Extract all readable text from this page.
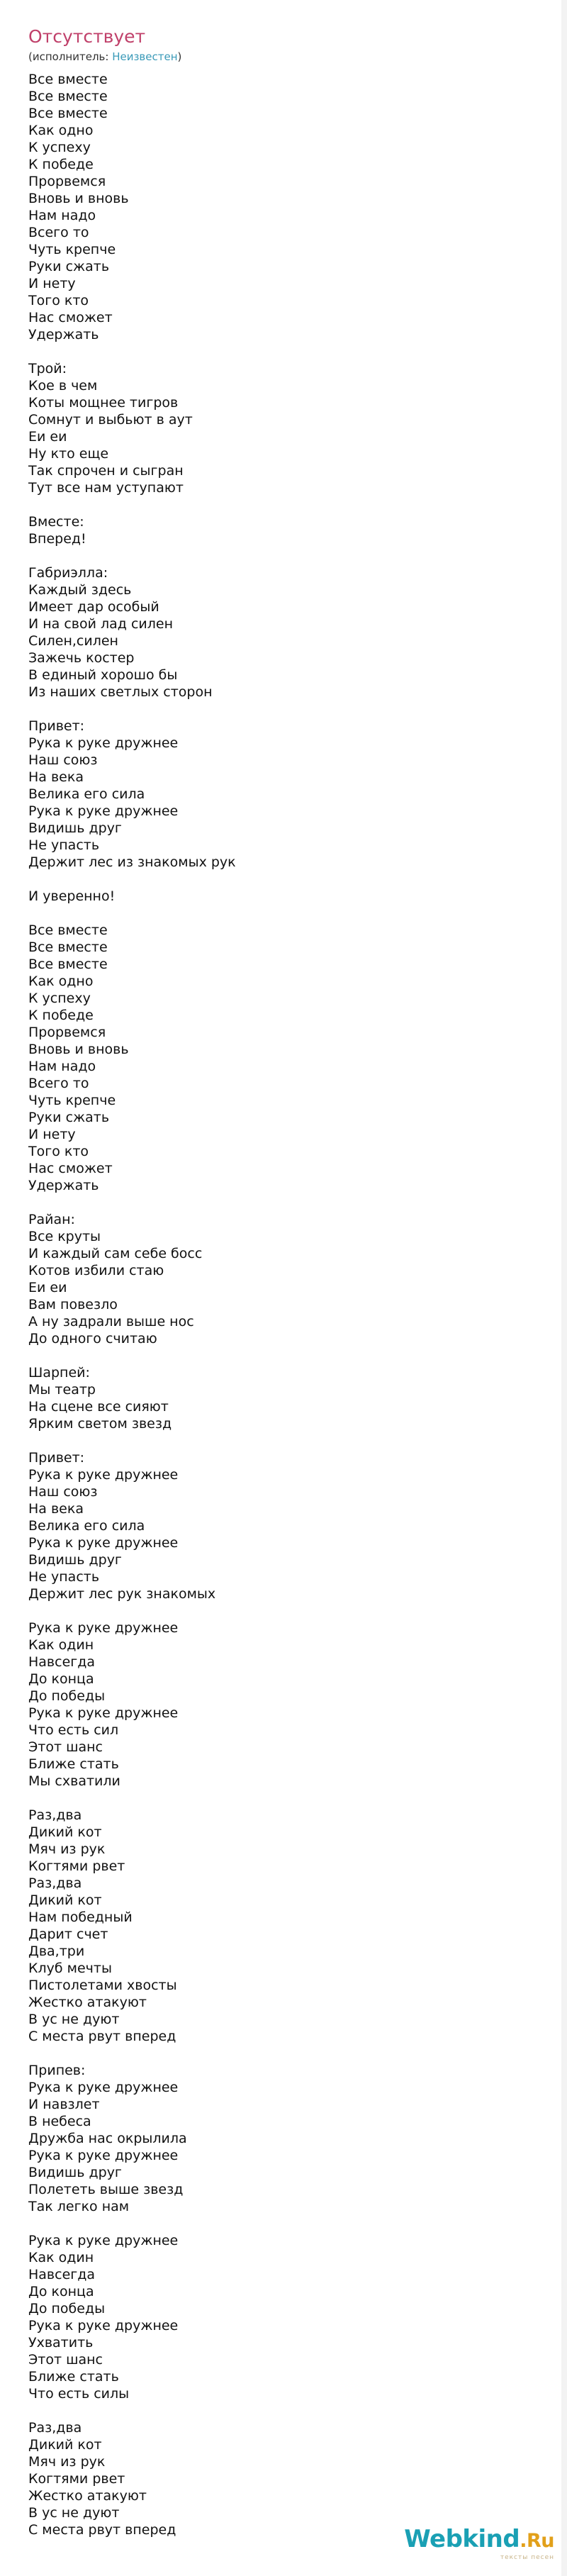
Отсутствует
(исполнитель: Неизвестен)
Все вместе
Все вместе
Все вместе
Как одно
К успеху
К победе
Прорвемся
Вновь и вновь
Нам надо
Всего то
Чуть крепче
Руки сжать
И нету
Того кто
Нас сможет
Удержать
Трой:
Кое в чем
Коты мощнее тигров
Сомнут и выбьют в аут
Еи еи
Ну кто еще
Так спрочен и сыгран
Тут все нам уступают
Вместе:
Вперед!
Габриэлла:
Каждый здесь
Имеет дар особый
И на свой лад силен
Силен,силен
Зажечь костер
В единый хорошо бы
Из наших светлых сторон
Привет:
Рука к руке дружнее
Наш союз
На века
Велика его сила
Рука к руке дружнее
Видишь друг
Не упасть
Держит лес из знакомых рук
И уверенно!
Все вместе
Все вместе
Все вместе
Как одно
К успеху
К победе
Прорвемся
Вновь и вновь
Нам надо
Всего то
Чуть крепче
Руки сжать
И нету
Того кто
Нас сможет
Удержать
Райан:
Все круты
И каждый сам себе босс
Котов избили стаю
Еи еи
Вам повезло
А ну задрали выше нос
До одного считаю
Шарпей:
Мы театр
На сцене все сияют
Ярким светом звезд
Привет:
Рука к руке дружнее
Наш союз
На века
Велика его сила
Рука к руке дружнее
Видишь друг
Не упасть
Держит лес рук знакомых
Рука к руке дружнее
Как один
Навсегда
До конца
До победы
Рука к руке дружнее
Что есть сил
Этот шанс
Ближе стать
Мы схватили
Раз,два
Дикий кот
Мяч из рук
Когтями рвет
Раз,два
Дикий кот
Нам победный
Дарит счет
Два,три
Клуб мечты
Пистолетами хвосты
Жестко атакуют
В ус не дуют
С места рвут вперед
Припев:
Рука к руке дружнее
И навзлет
В небеса
Дружба нас окрылила
Рука к руке дружнее
Видишь друг
Полететь выше звезд
Так легко нам
Рука к руке дружнее
Как один
Навсегда
До конца
До победы
Рука к руке дружнее
Ухватить
Этот шанс
Ближе стать
Что есть силы
Раз,два
Дикий кот
Мяч из рук
Когтями рвет
Жестко атакуют
В ус не дуют
С места рвут вперед	Webkind.Ru
тексты песен
